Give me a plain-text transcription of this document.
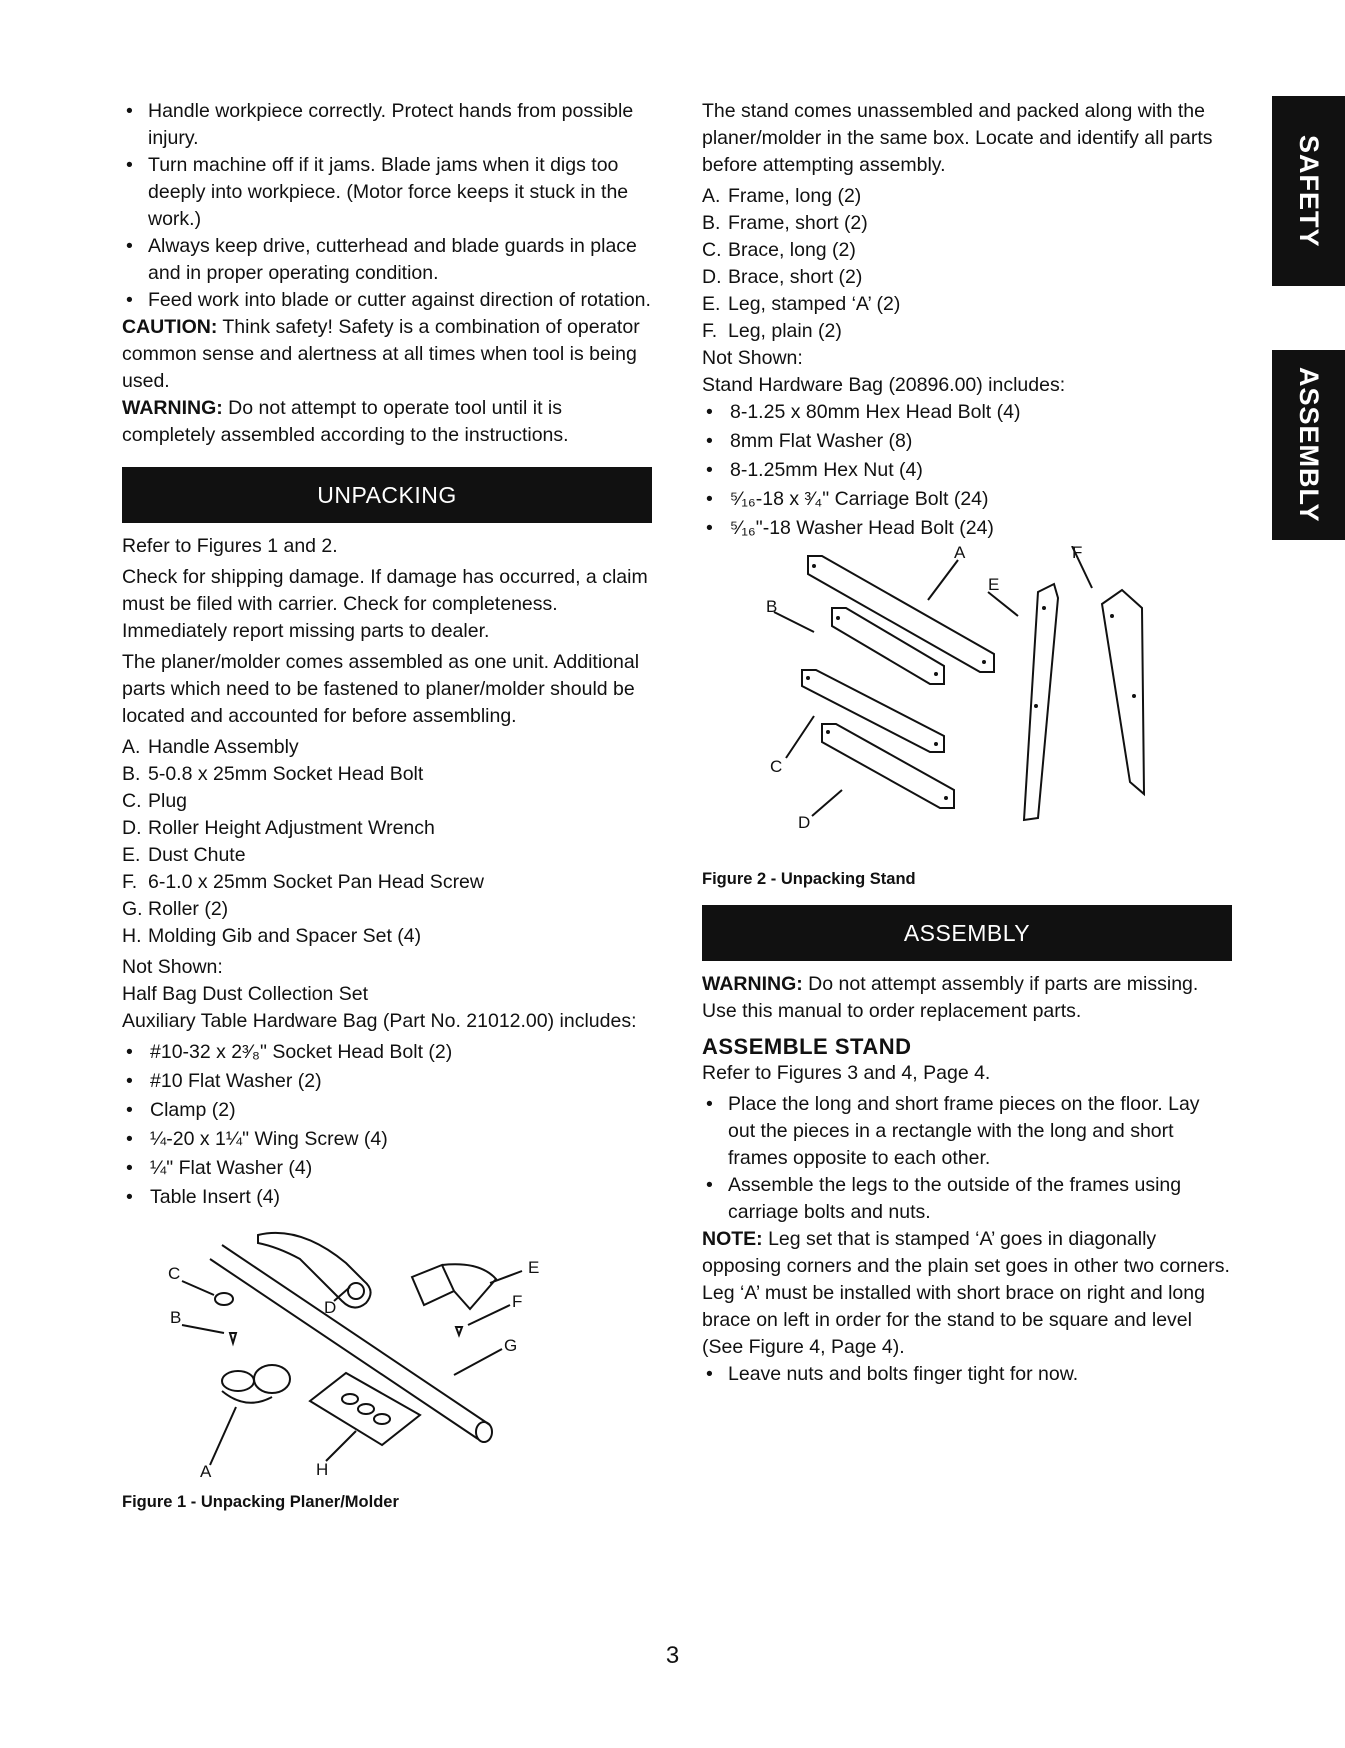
SAFETY
ASSEMBLY
• Handle workpiece correctly. Protect hands from possible injury.
• Turn machine off if it jams. Blade jams when it digs too deeply into workpiece. (Motor force keeps it stuck in the work.)
• Always keep drive, cutterhead and blade guards in place and in proper operating condition.
• Feed work into blade or cutter against direction of rotation.

CAUTION: Think safety! Safety is a combination of operator common sense and alertness at all times when tool is being used.

WARNING: Do not attempt to operate tool until it is completely assembled according to the instructions.

UNPACKING

Refer to Figures 1 and 2.

Check for shipping damage. If damage has occurred, a claim must be filed with carrier. Check for completeness. Immediately report missing parts to dealer.

The planer/molder comes assembled as one unit. Additional parts which need to be fastened to planer/molder should be located and accounted for before assembling.

A. Handle Assembly
B. 5-0.8 x 25mm Socket Head Bolt
C. Plug
D. Roller Height Adjustment Wrench
E. Dust Chute
F. 6-1.0 x 25mm Socket Pan Head Screw
G. Roller (2)
H. Molding Gib and Spacer Set (4)

Not Shown:

Half Bag Dust Collection Set

Auxiliary Table Hardware Bag (Part No. 21012.00) includes:

• #10-32 x 2³⁄₈" Socket Head Bolt (2)
• #10 Flat Washer (2)
• Clamp (2)
• ¼-20 x 1¼" Wing Screw (4)
• ¼" Flat Washer (4)
• Table Insert (4)
C
B
A	H
D
E
F
G

Figure 1 - Unpacking Planer/Molder

The stand comes unassembled and packed along with the planer/molder in the same box. Locate and identify all parts before attempting assembly.

A. Frame, long (2)
B. Frame, short (2)
C. Brace, long (2)
D. Brace, short (2)
E. Leg, stamped ‘A’ (2)
F. Leg, plain (2)

Not Shown:

Stand Hardware Bag (20896.00) includes:

• 8-1.25 x 80mm Hex Head Bolt (4)
• 8mm Flat Washer (8)
• 8-1.25mm Hex Nut (4)
• ⁵⁄₁₆-18 x ³⁄₄" Carriage Bolt (24)
• ⁵⁄₁₆"-18 Washer Head Bolt (24)
A
B
C
D
E
F

Figure 2 - Unpacking Stand

ASSEMBLY

WARNING: Do not attempt assembly if parts are missing. Use this manual to order replacement parts.

ASSEMBLE STAND

Refer to Figures 3 and 4, Page 4.

• Place the long and short frame pieces on the floor. Lay out the pieces in a rectangle with the long and short frames opposite to each other.
• Assemble the legs to the outside of the frames using carriage bolts and nuts.

NOTE: Leg set that is stamped ‘A’ goes in diagonally opposing corners and the plain set goes in other two corners. Leg ‘A’ must be installed with short brace on right and long brace on left in order for the stand to be square and level (See Figure 4, Page 4).

• Leave nuts and bolts finger tight for now.
3
